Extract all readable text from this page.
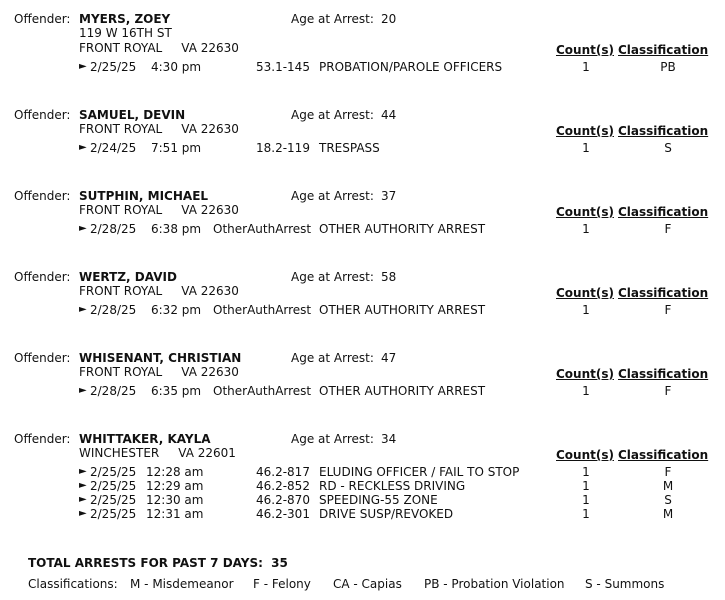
Offender: MYERS, ZOEY	Age at Arrest: 20
119 W 16TH ST
FRONT ROYAL     VA 22630	Count(s) Classification
► 2/25/25 4:30 pm	53.1-145 PROBATION/PAROLE OFFICERS	1	PB
Offender: SAMUEL, DEVIN	Age at Arrest: 44
FRONT ROYAL     VA 22630	Count(s) Classification
► 2/24/25 7:51 pm	18.2-119 TRESPASS	1	S
Offender: SUTPHIN, MICHAEL	Age at Arrest: 37
FRONT ROYAL     VA 22630	Count(s) Classification
► 2/28/25 6:38 pm OtherAuthArrest OTHER AUTHORITY ARREST	1	F
Offender: WERTZ, DAVID	Age at Arrest: 58
FRONT ROYAL     VA 22630	Count(s) Classification
► 2/28/25 6:32 pm OtherAuthArrest OTHER AUTHORITY ARREST	1	F
Offender: WHISENANT, CHRISTIAN	Age at Arrest: 47
FRONT ROYAL     VA 22630	Count(s) Classification
► 2/28/25 6:35 pm OtherAuthArrest OTHER AUTHORITY ARREST	1	F
Offender: WHITTAKER, KAYLA	Age at Arrest: 34
WINCHESTER     VA 22601	Count(s) Classification
► 2/25/25 12:28 am	46.2-817 ELUDING OFFICER / FAIL TO STOP	1	F
► 2/25/25 12:29 am	46.2-852 RD - RECKLESS DRIVING	1	M
► 2/25/25 12:30 am	46.2-870 SPEEDING-55 ZONE	1	S
► 2/25/25 12:31 am	46.2-301 DRIVE SUSP/REVOKED	1	M
TOTAL ARRESTS FOR PAST 7 DAYS: 35
Classifications: M - Misdemeanor F - Felony CA - Capias PB - Probation Violation S - Summons
